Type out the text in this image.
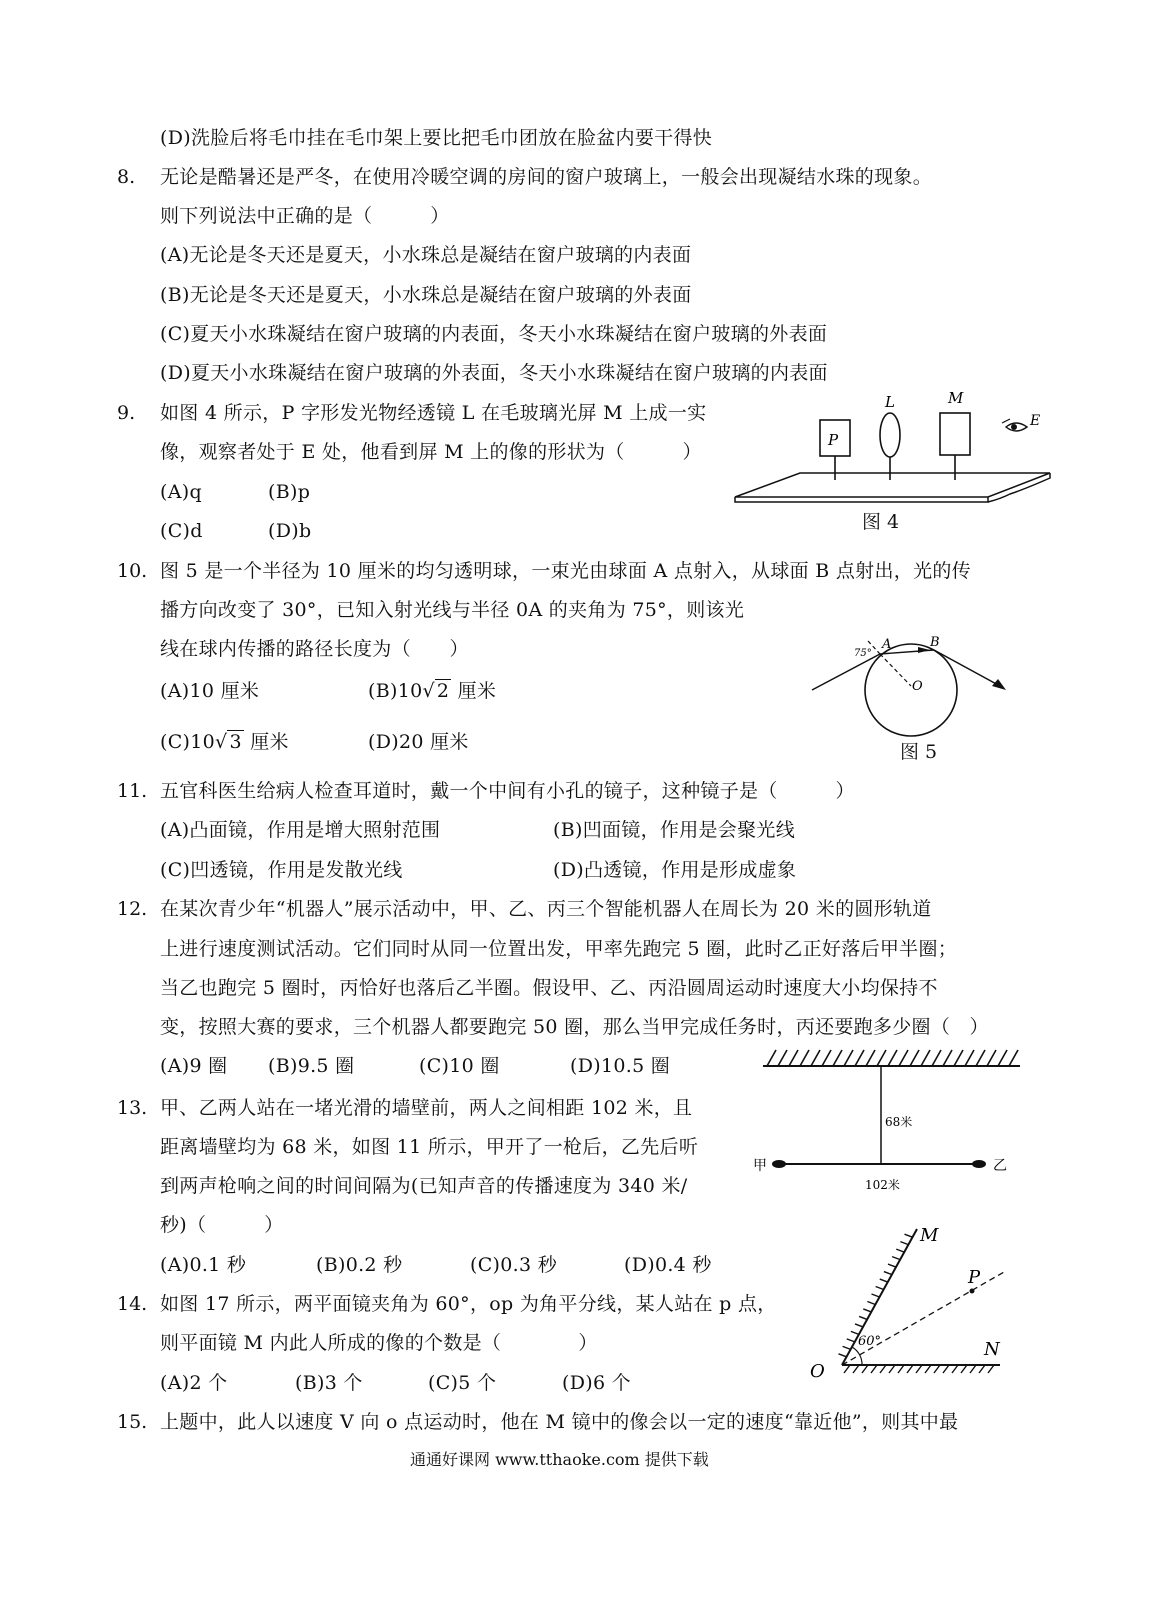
(D)洗脸后将毛巾挂在毛巾架上要比把毛巾团放在脸盆内要干得快
8. 无论是酷暑还是严冬，在使用冷暖空调的房间的窗户玻璃上，一般会出现凝结水珠的现象。
则下列说法中正确的是（　　　）
(A)无论是冬天还是夏天，小水珠总是凝结在窗户玻璃的内表面
(B)无论是冬天还是夏天，小水珠总是凝结在窗户玻璃的外表面
(C)夏天小水珠凝结在窗户玻璃的内表面，冬天小水珠凝结在窗户玻璃的外表面
(D)夏天小水珠凝结在窗户玻璃的外表面，冬天小水珠凝结在窗户玻璃的内表面
9. 如图 4 所示，P 字形发光物经透镜 L 在毛玻璃光屏 M 上成一实
像，观察者处于 E 处，他看到屏 M 上的像的形状为（　　　）
(A)q	(B)p
(C)d	(D)b
P
L	M
E
图 4
10. 图 5 是一个半径为 10 厘米的均匀透明球，一束光由球面 A 点射入，从球面 B 点射出，光的传
播方向改变了 30°，已知入射光线与半径 0A 的夹角为 75°，则该光
线在球内传播的路径长度为（　　）
(A)10 厘米	(B)10√ 2 厘米
(C)10√ 3 厘米	(D)20 厘米
A	B
O
75°
图 5
11. 五官科医生给病人检查耳道时，戴一个中间有小孔的镜子，这种镜子是（　　　）
(A)凸面镜，作用是增大照射范围	(B)凹面镜，作用是会聚光线
(C)凹透镜，作用是发散光线	(D)凸透镜，作用是形成虚象
12. 在某次青少年“机器人”展示活动中，甲、乙、丙三个智能机器人在周长为 20 米的圆形轨道
上进行速度测试活动。它们同时从同一位置出发，甲率先跑完 5 圈，此时乙正好落后甲半圈；
当乙也跑完 5 圈时，丙恰好也落后乙半圈。假设甲、乙、丙沿圆周运动时速度大小均保持不
变，按照大赛的要求，三个机器人都要跑完 50 圈，那么当甲完成任务时，丙还要跑多少圈（　）
(A)9 圈 (B)9.5 圈	(C)10 圈	(D)10.5 圈
68米
102米
甲	乙
13. 甲、乙两人站在一堵光滑的墙壁前，两人之间相距 102 米，且
距离墙壁均为 68 米，如图 11 所示，甲开了一枪后，乙先后听
到两声枪响之间的时间间隔为(已知声音的传播速度为 340 米/
秒)（　　　）
(A)0.1 秒	(B)0.2 秒	(C)0.3 秒	(D)0.4 秒
M
P
N
O
60°
14. 如图 17 所示，两平面镜夹角为 60°，op 为角平分线，某人站在 p 点，
则平面镜 M 内此人所成的像的个数是（　　　　）
(A)2 个	(B)3 个	(C)5 个	(D)6 个
15. 上题中，此人以速度 V 向 o 点运动时，他在 M 镜中的像会以一定的速度“靠近他”，则其中最
通通好课网 www.tthaoke.com 提供下载
